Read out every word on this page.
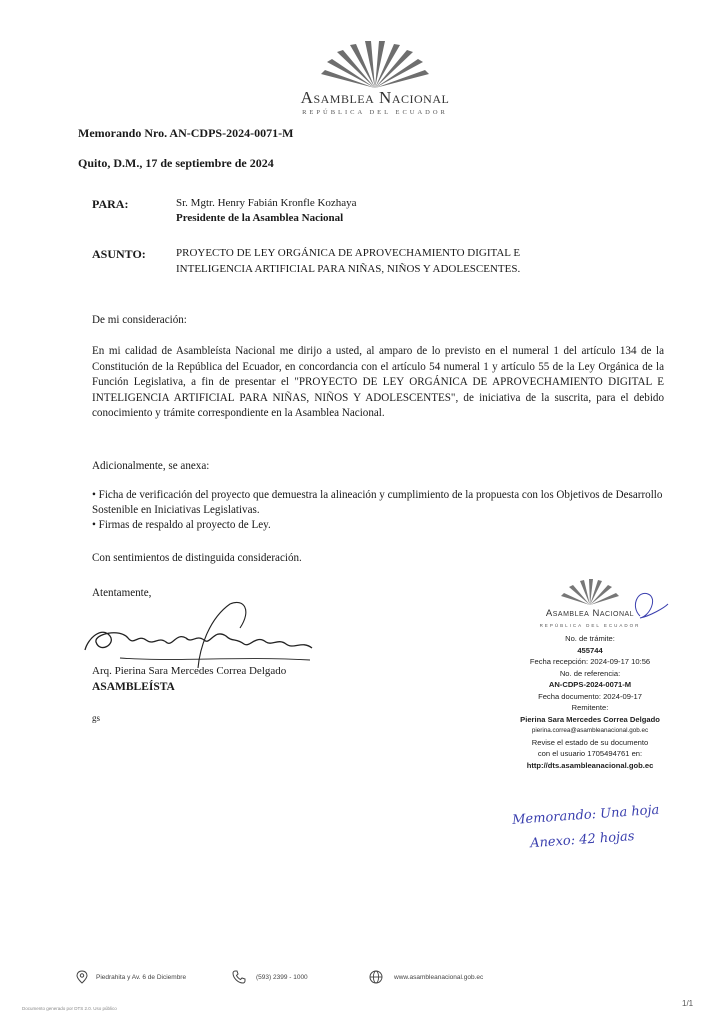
Asamblea Nacional
REPÚBLICA DEL ECUADOR
Memorando Nro. AN-CDPS-2024-0071-M
Quito, D.M., 17 de septiembre de 2024
PARA:	Sr. Mgtr. Henry Fabián Kronfle Kozhaya
Presidente de la Asamblea Nacional
ASUNTO:	PROYECTO DE LEY ORGÁNICA DE APROVECHAMIENTO DIGITAL E
INTELIGENCIA ARTIFICIAL PARA NIÑAS, NIÑOS Y ADOLESCENTES.
De mi consideración:
En mi calidad de Asambleísta Nacional me dirijo a usted, al amparo de lo previsto en el numeral 1 del artículo 134 de la Constitución de la República del Ecuador, en concordancia con el artículo 54 numeral 1 y artículo 55 de la Ley Orgánica de la Función Legislativa, a fin de presentar el "PROYECTO DE LEY ORGÁNICA DE APROVECHAMIENTO DIGITAL E INTELIGENCIA ARTIFICIAL PARA NIÑAS, NIÑOS Y ADOLESCENTES", de iniciativa de la suscrita, para el debido conocimiento y trámite correspondiente en la Asamblea Nacional.
Adicionalmente, se anexa:
• Ficha de verificación del proyecto que demuestra la alineación y cumplimiento de la propuesta con los Objetivos de Desarrollo Sostenible en Iniciativas Legislativas.
• Firmas de respaldo al proyecto de Ley.
Con sentimientos de distinguida consideración.
Atentamente,
Arq. Pierina Sara Mercedes Correa Delgado
ASAMBLEÍSTA
gs
Asamblea Nacional
REPÚBLICA DEL ECUADOR
No. de trámite:
455744
Fecha recepción: 2024-09-17 10:56
No. de referencia:
AN-CDPS-2024-0071-M
Fecha documento: 2024-09-17
Remitente:
Pierina Sara Mercedes Correa Delgado
pierina.correa@asambleanacional.gob.ec
Revise el estado de su documento
con el usuario 1705494761 en:
http://dts.asambleanacional.gob.ec
Memorando: Una hoja
Anexo: 42 hojas
Piedrahita y Av. 6 de Diciembre	(593) 2399 - 1000	www.asambleanacional.gob.ec
Documento generado por DTS 2.0. Uso público
1/1
